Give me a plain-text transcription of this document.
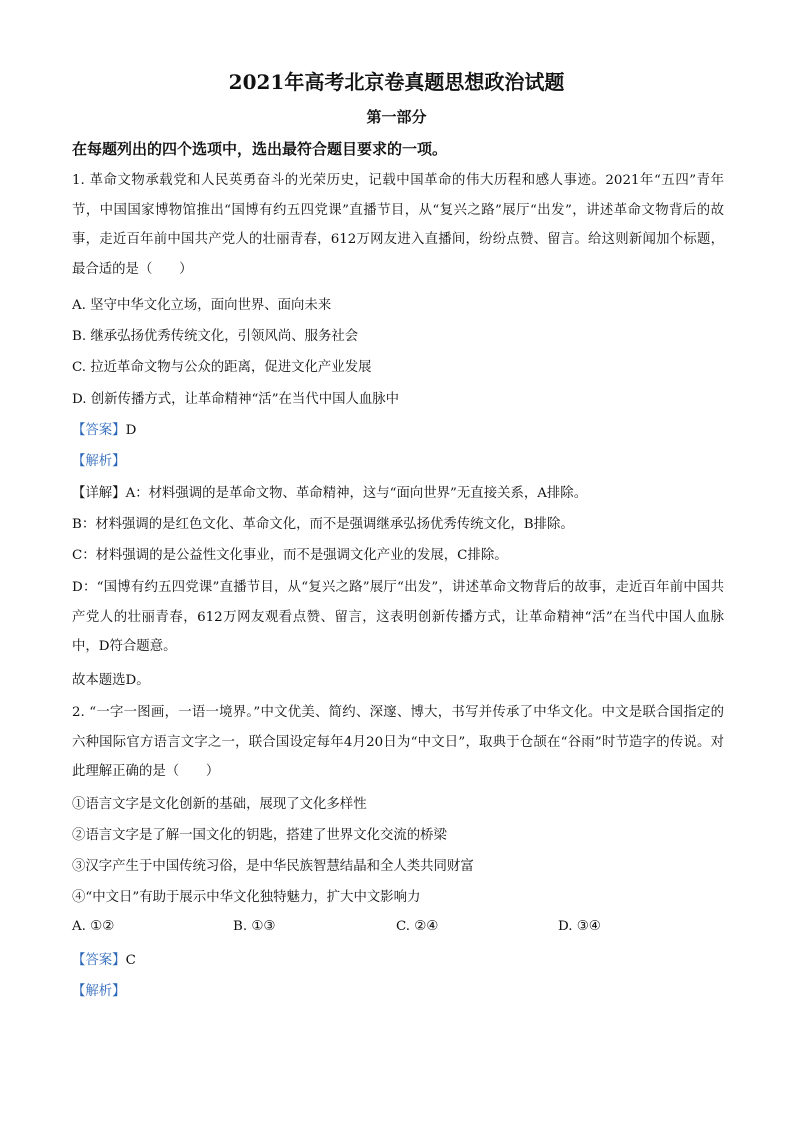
2021年高考北京卷真题思想政治试题
第一部分
在每题列出的四个选项中，选出最符合题目要求的一项。
1. 革命文物承载党和人民英勇奋斗的光荣历史，记载中国革命的伟大历程和感人事迹。2021年“五四”青年节，中国国家博物馆推出“国博有约五四党课”直播节目，从“复兴之路”展厅“出发”，讲述革命文物背后的故事，走近百年前中国共产党人的壮丽青春，612万网友进入直播间，纷纷点赞、留言。给这则新闻加个标题，最合适的是（　　）
A. 坚守中华文化立场，面向世界、面向未来
B. 继承弘扬优秀传统文化，引领风尚、服务社会
C. 拉近革命文物与公众的距离，促进文化产业发展
D. 创新传播方式，让革命精神“活”在当代中国人血脉中
【答案】D
【解析】
【详解】A：材料强调的是革命文物、革命精神，这与“面向世界”无直接关系，A排除。
B：材料强调的是红色文化、革命文化，而不是强调继承弘扬优秀传统文化，B排除。
C：材料强调的是公益性文化事业，而不是强调文化产业的发展，C排除。
D：“国博有约五四党课”直播节目，从“复兴之路”展厅“出发”，讲述革命文物背后的故事，走近百年前中国共产党人的壮丽青春，612万网友观看点赞、留言，这表明创新传播方式，让革命精神“活”在当代中国人血脉中，D符合题意。
故本题选D。
2. “一字一图画，一语一境界。”中文优美、简约、深邃、博大，书写并传承了中华文化。中文是联合国指定的六种国际官方语言文字之一，联合国设定每年4月20日为“中文日”，取典于仓颉在“谷雨”时节造字的传说。对此理解正确的是（　　）
①语言文字是文化创新的基础，展现了文化多样性
②语言文字是了解一国文化的钥匙，搭建了世界文化交流的桥梁
③汉字产生于中国传统习俗，是中华民族智慧结晶和全人类共同财富
④“中文日”有助于展示中华文化独特魅力，扩大中文影响力
A. ①②	B. ①③	C. ②④	D. ③④
【答案】C
【解析】
